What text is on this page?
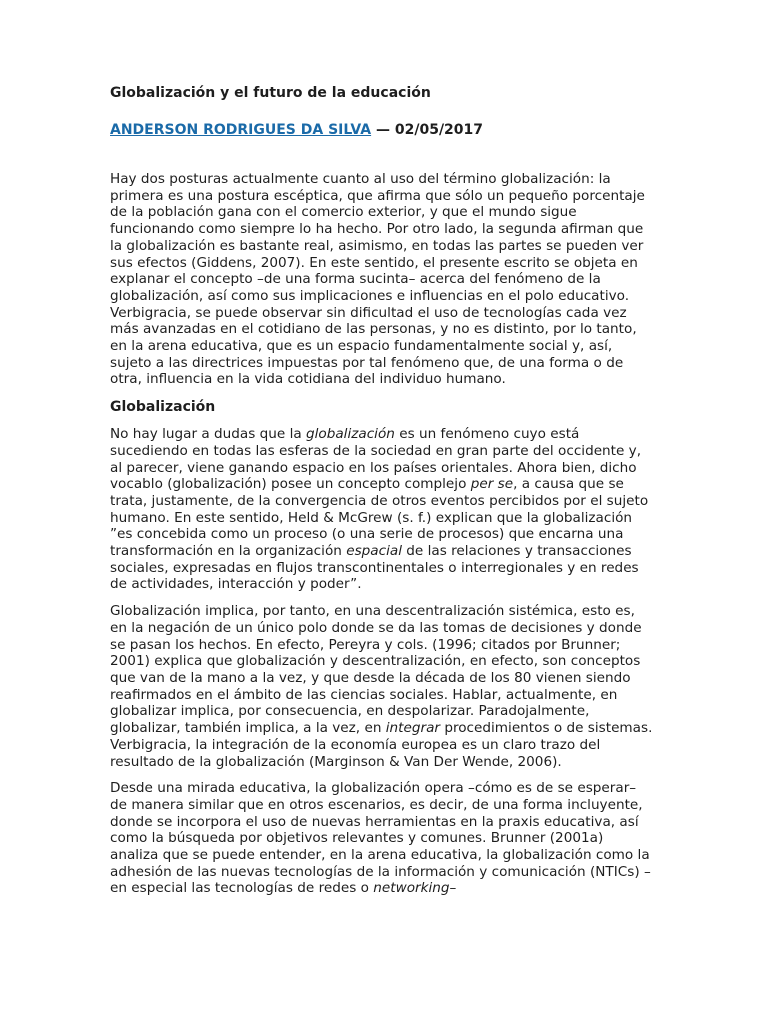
Globalización y el futuro de la educación
ANDERSON RODRIGUES DA SILVA — 02/05/2017

Hay dos posturas actualmente cuanto al uso del término globalización: la primera es una postura escéptica, que afirma que sólo un pequeño porcentaje de la población gana con el comercio exterior, y que el mundo sigue funcionando como siempre lo ha hecho. Por otro lado, la segunda afirman que la globalización es bastante real, asimismo, en todas las partes se pueden ver sus efectos (Giddens, 2007). En este sentido, el presente escrito se objeta en explanar el concepto –de una forma sucinta– acerca del fenómeno de la globalización, así como sus implicaciones e influencias en el polo educativo. Verbigracia, se puede observar sin dificultad el uso de tecnologías cada vez más avanzadas en el cotidiano de las personas, y no es distinto, por lo tanto, en la arena educativa, que es un espacio fundamentalmente social y, así, sujeto a las directrices impuestas por tal fenómeno que, de una forma o de otra, influencia en la vida cotidiana del individuo humano.

Globalización

No hay lugar a dudas que la globalización es un fenómeno cuyo está sucediendo en todas las esferas de la sociedad en gran parte del occidente y, al parecer, viene ganando espacio en los países orientales. Ahora bien, dicho vocablo (globalización) posee un concepto complejo per se, a causa que se trata, justamente, de la convergencia de otros eventos percibidos por el sujeto humano. En este sentido, Held & McGrew (s. f.) explican que la globalización ”es concebida como un proceso (o una serie de procesos) que encarna una transformación en la organización espacial de las relaciones y transacciones sociales, expresadas en flujos transcontinentales o interregionales y en redes de actividades, interacción y poder”.

Globalización implica, por tanto, en una descentralización sistémica, esto es, en la negación de un único polo donde se da las tomas de decisiones y donde se pasan los hechos. En efecto, Pereyra y cols. (1996; citados por Brunner; 2001) explica que globalización y descentralización, en efecto, son conceptos que van de la mano a la vez, y que desde la década de los 80 vienen siendo reafirmados en el ámbito de las ciencias sociales. Hablar, actualmente, en globalizar implica, por consecuencia, en despolarizar. Paradojalmente, globalizar, también implica, a la vez, en integrar procedimientos o de sistemas. Verbigracia, la integración de la economía europea es un claro trazo del resultado de la globalización (Marginson & Van Der Wende, 2006).

Desde una mirada educativa, la globalización opera –cómo es de se esperar– de manera similar que en otros escenarios, es decir, de una forma incluyente, donde se incorpora el uso de nuevas herramientas en la praxis educativa, así como la búsqueda por objetivos relevantes y comunes. Brunner (2001a) analiza que se puede entender, en la arena educativa, la globalización como la adhesión de las nuevas tecnologías de la información y comunicación (NTICs) –en especial las tecnologías de redes o networking–
